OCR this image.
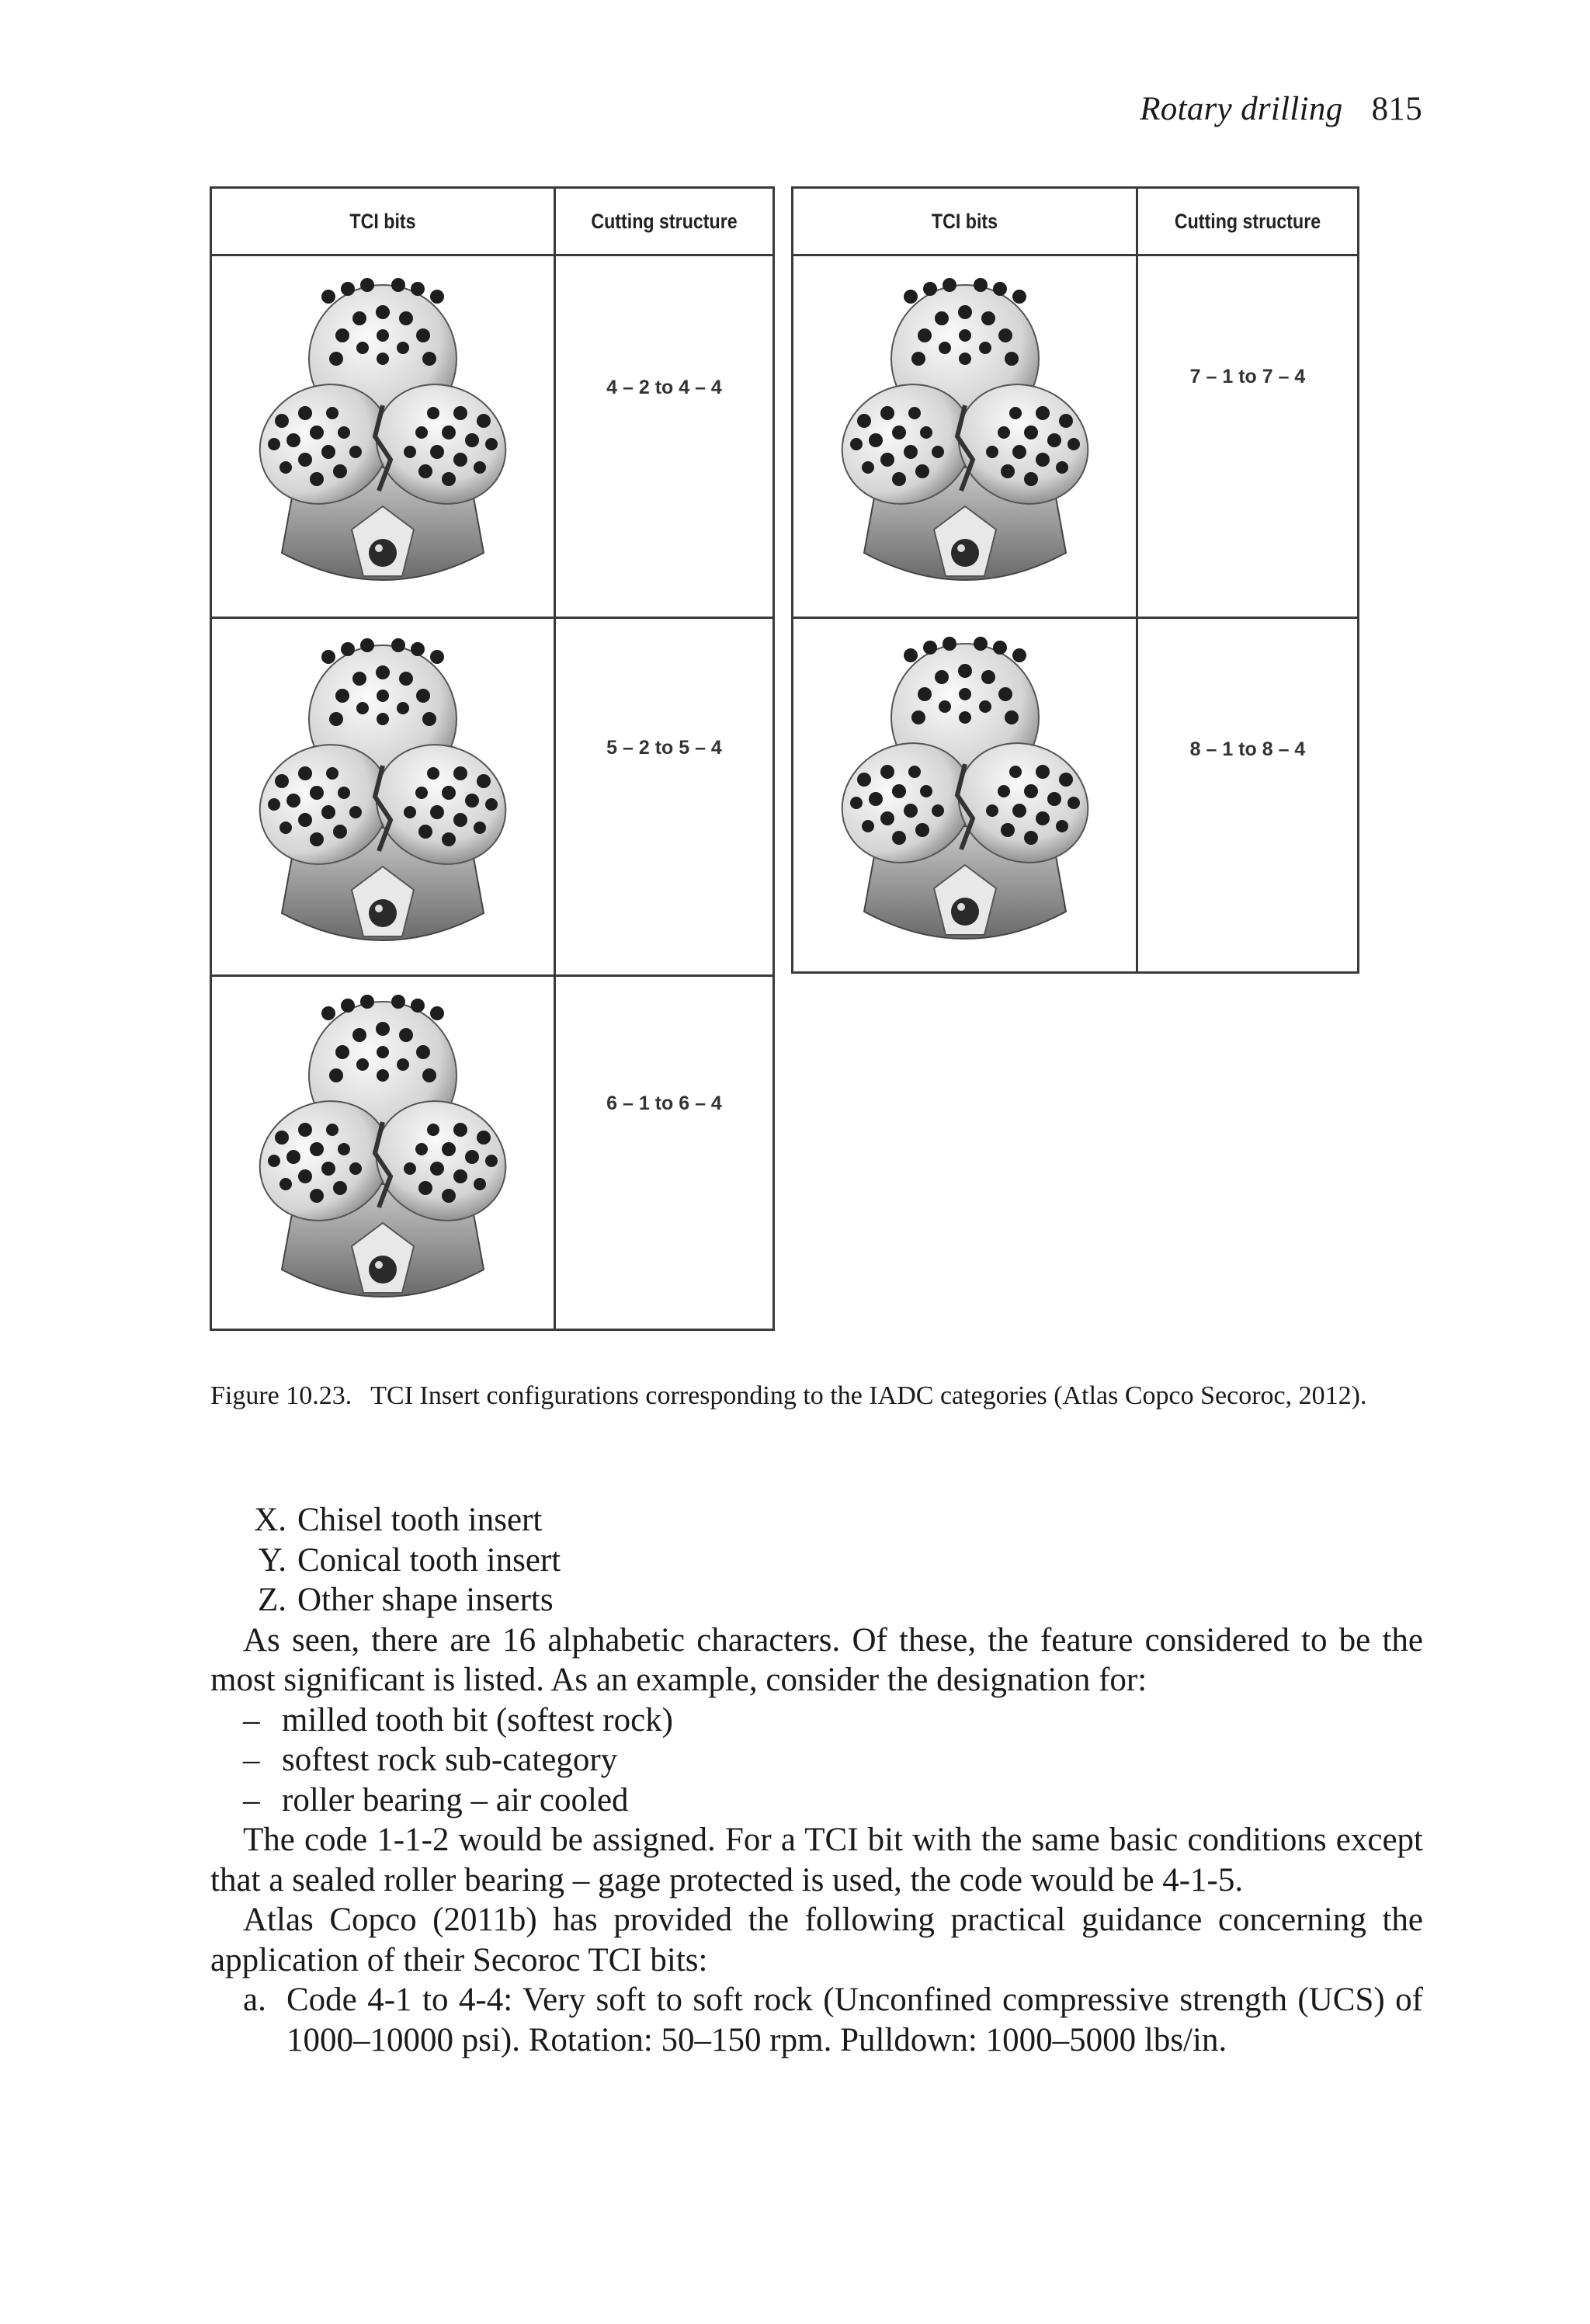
Rotary drilling 815
TCI bits	Cutting structure
4 – 2 to 4 – 4
5 – 2 to 5 – 4
6 – 1 to 6 – 4
TCI bits	Cutting structure
7 – 1 to 7 – 4
8 – 1 to 8 – 4
Figure 10.23. TCI Insert configurations corresponding to the IADC categories (Atlas Copco Secoroc, 2012).
X. Chisel tooth insert
Y. Conical tooth insert
Z. Other shape inserts

As seen, there are 16 alphabetic characters. Of these, the feature considered to be the most significant is listed. As an example, consider the designation for:

– milled tooth bit (softest rock)
– softest rock sub-category
– roller bearing – air cooled

The code 1-1-2 would be assigned. For a TCI bit with the same basic conditions except that a sealed roller bearing – gage protected is used, the code would be 4-1-5.

Atlas Copco (2011b) has provided the following practical guidance concerning the application of their Secoroc TCI bits:

a. Code 4-1 to 4-4: Very soft to soft rock (Unconfined compressive strength (UCS) of 1000–10000 psi). Rotation: 50–150 rpm. Pulldown: 1000–5000 lbs/in.
